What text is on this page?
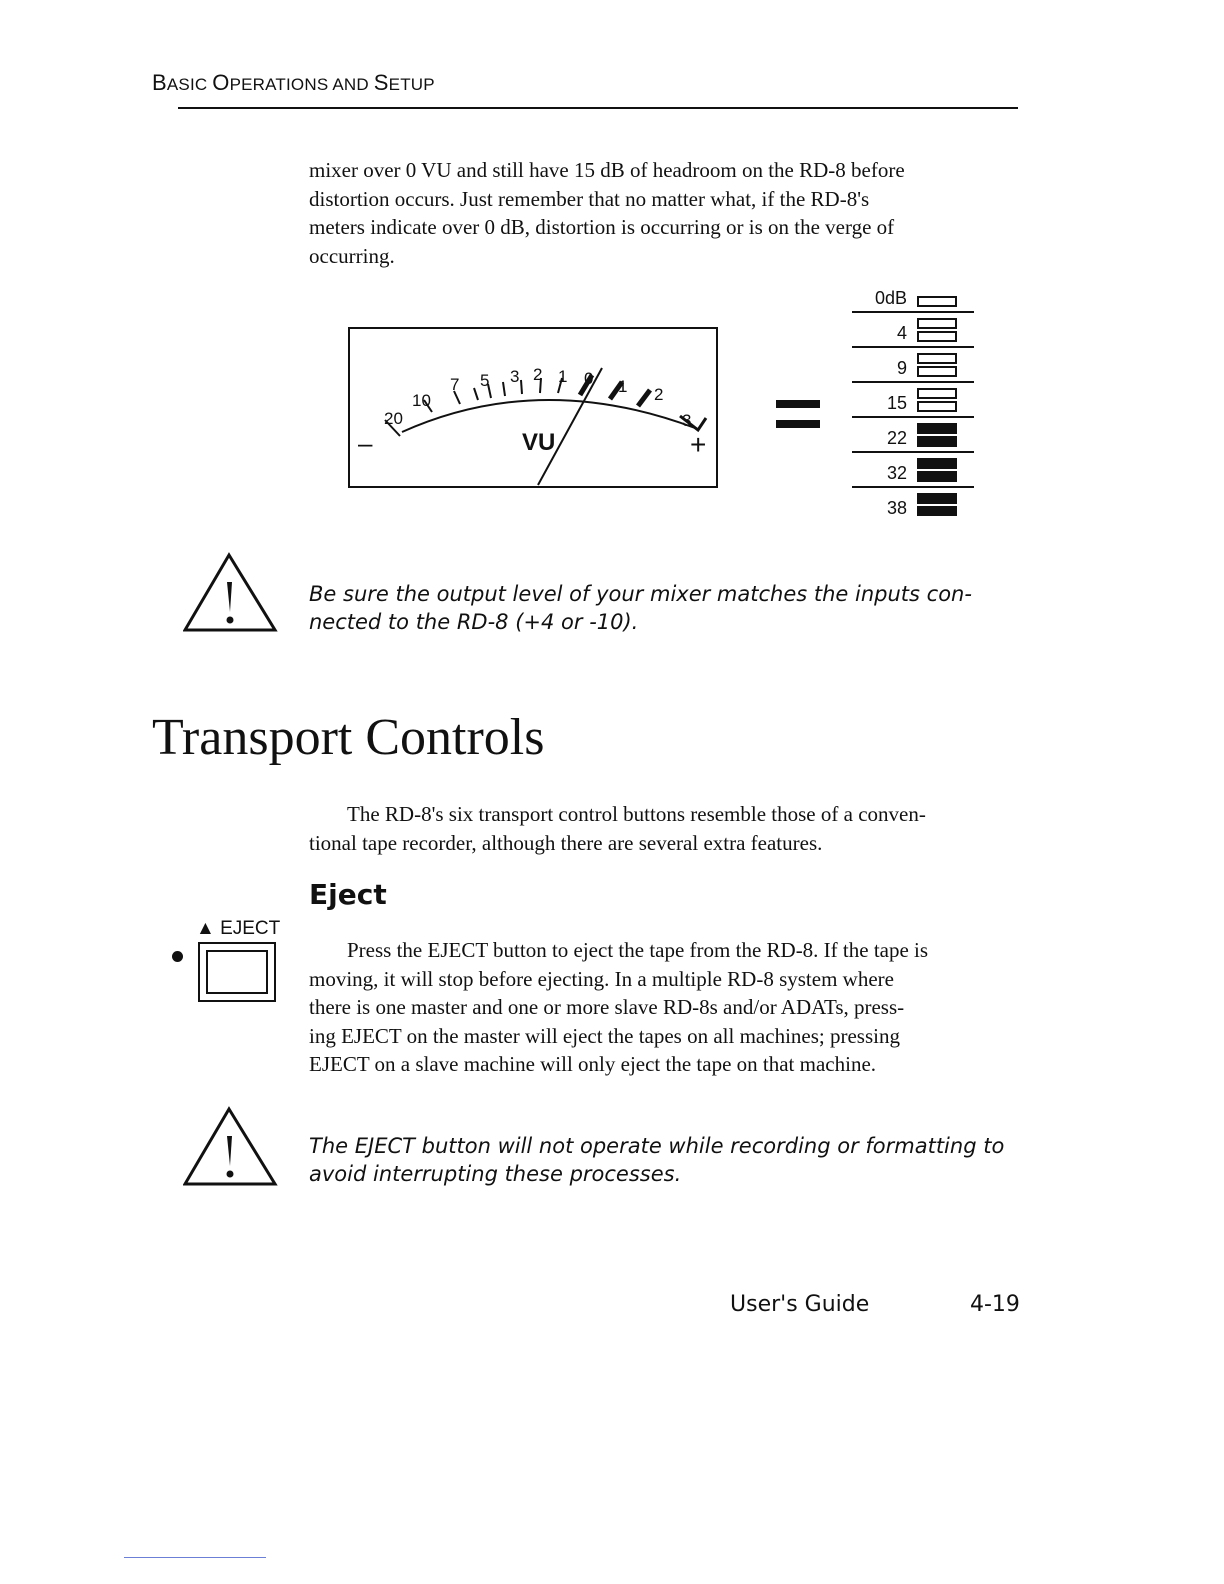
BASIC OPERATIONS AND SETUP
mixer over 0 VU and still have 15 dB of headroom on the RD-8 before
distortion occurs. Just remember that no matter what, if the RD-8's
meters indicate over 0 dB, distortion is occurring or is on the verge of
occurring.
20
10
7 5 3 2 1 0 1 2
3
VU
–	+
0dB
4
9
15
22
32
38
Be sure the output level of your mixer matches the inputs con-
nected to the RD-8 (+4 or -10).
Transport Controls
The RD-8's six transport control buttons resemble those of a conven-
tional tape recorder, although there are several extra features.
Eject
▲ EJECT
Press the EJECT button to eject the tape from the RD-8. If the tape is
moving, it will stop before ejecting. In a multiple RD-8 system where
there is one master and one or more slave RD-8s and/or ADATs, press-
ing EJECT on the master will eject the tapes on all machines; pressing
EJECT on a slave machine will only eject the tape on that machine.
The EJECT button will not operate while recording or formatting to
avoid interrupting these processes.
User's Guide	4-19
